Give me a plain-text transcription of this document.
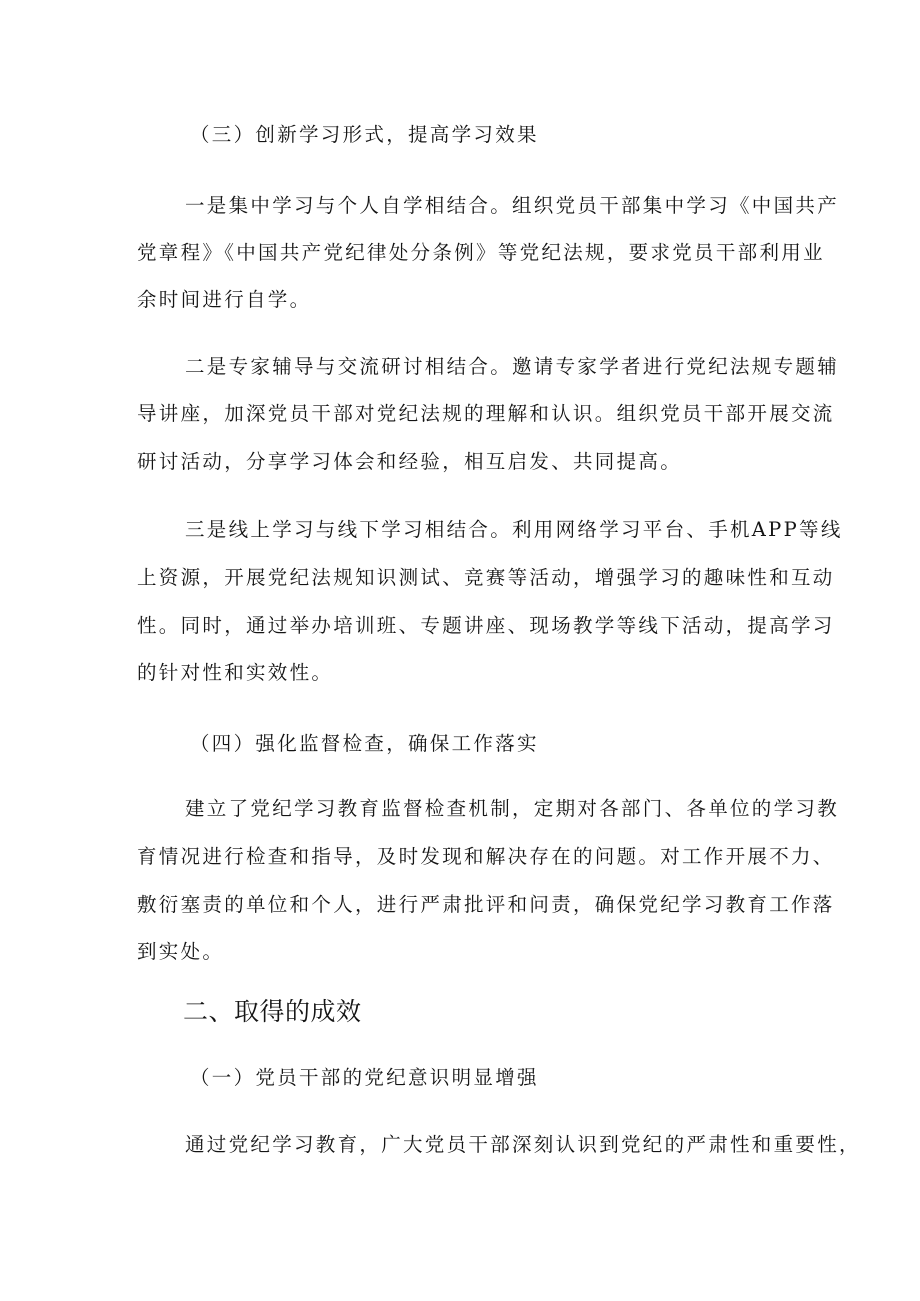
（三）创新学习形式，提高学习效果
一是集中学习与个人自学相结合。组织党员干部集中学习《中国共产
党章程》《中国共产党纪律处分条例》等党纪法规，要求党员干部利用业
余时间进行自学。
二是专家辅导与交流研讨相结合。邀请专家学者进行党纪法规专题辅
导讲座，加深党员干部对党纪法规的理解和认识。组织党员干部开展交流
研讨活动，分享学习体会和经验，相互启发、共同提高。
三是线上学习与线下学习相结合。利用网络学习平台、手机APP等线
上资源，开展党纪法规知识测试、竞赛等活动，增强学习的趣味性和互动
性。同时，通过举办培训班、专题讲座、现场教学等线下活动，提高学习
的针对性和实效性。
（四）强化监督检查，确保工作落实
建立了党纪学习教育监督检查机制，定期对各部门、各单位的学习教
育情况进行检查和指导，及时发现和解决存在的问题。对工作开展不力、
敷衍塞责的单位和个人，进行严肃批评和问责，确保党纪学习教育工作落
到实处。
二、取得的成效
（一）党员干部的党纪意识明显增强
通过党纪学习教育，广大党员干部深刻认识到党纪的严肃性和重要性，
